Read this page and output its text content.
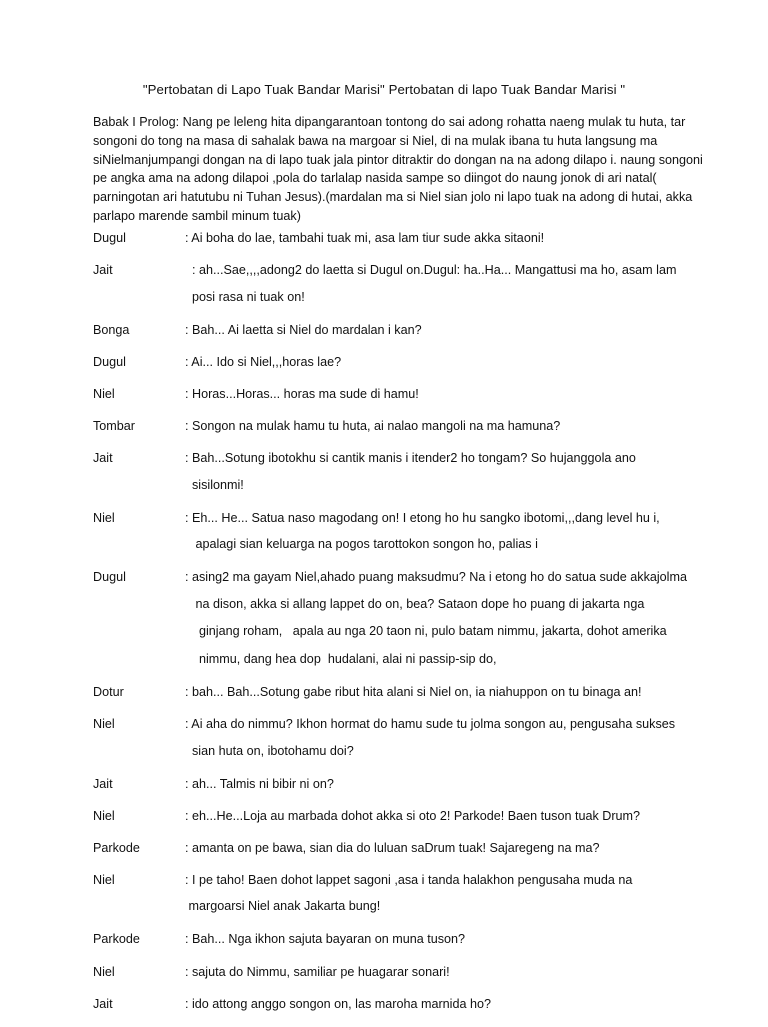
"Pertobatan di Lapo Tuak Bandar Marisi" Pertobatan di lapo Tuak Bandar Marisi "
Babak I Prolog: Nang pe leleng hita dipangarantoan tontong do sai adong rohatta naeng mulak tu huta, tar songoni do tong na masa di sahalak bawa na margoar si Niel, di na mulak ibana tu huta langsung ma siNielmanjumpangi dongan na di lapo tuak jala pintor ditraktir do dongan na na adong dilapo i. naung songoni pe angka ama na adong dilapoi ,pola do tarlalap nasida sampe so diingot do naung jonok di ari natal( parningotan ari hatutubu ni Tuhan Jesus).(mardalan ma si Niel sian jolo ni lapo tuak na adong di hutai, akka parlapo marende sambil minum tuak)
Dugul	: Ai boha do lae, tambahi tuak mi, asa lam tiur sude akka sitaoni!
Jait	: ah...Sae,,,,adong2 do laetta si Dugul on.Dugul: ha..Ha... Mangattusi ma ho, asam lam
posi rasa ni tuak on!
Bonga	: Bah... Ai laetta si Niel do mardalan i kan?
Dugul	: Ai... Ido si Niel,,,horas lae?
Niel	: Horas...Horas... horas ma sude di hamu!
Tombar	: Songon na mulak hamu tu huta, ai nalao mangoli na ma hamuna?
Jait	: Bah...Sotung ibotokhu si cantik manis i itender2 ho tongam? So hujanggola ano
sisilonmi!
Niel	: Eh... He... Satua naso magodang on! I etong ho hu sangko ibotomi,,,dang level hu i,
apalagi sian keluarga na pogos tarottokon songon ho, palias i
Dugul	: asing2 ma gayam Niel,ahado puang maksudmu? Na i etong ho do satua sude akkajolma
na dison, akka si allang lappet do on, bea? Sataon dope ho puang di jakarta nga
ginjang roham,   apala au nga 20 taon ni, pulo batam nimmu, jakarta, dohot amerika
nimmu, dang hea dop  hudalani, alai ni passip-sip do,
Dotur	: bah... Bah...Sotung gabe ribut hita alani si Niel on, ia niahuppon on tu binaga an!
Niel	: Ai aha do nimmu? Ikhon hormat do hamu sude tu jolma songon au, pengusaha sukses
sian huta on, ibotohamu doi?
Jait	: ah... Talmis ni bibir ni on?
Niel	: eh...He...Loja au marbada dohot akka si oto 2! Parkode! Baen tuson tuak Drum?
Parkode	: amanta on pe bawa, sian dia do luluan saDrum tuak! Sajaregeng na ma?
Niel	: I pe taho! Baen dohot lappet sagoni ,asa i tanda halakhon pengusaha muda na
margoarsi Niel anak Jakarta bung!
Parkode	: Bah... Nga ikhon sajuta bayaran on muna tuson?
Niel	: sajuta do Nimmu, samiliar pe huagarar sonari!
Jait	: ido attong anggo songon on, las maroha marnida ho?
